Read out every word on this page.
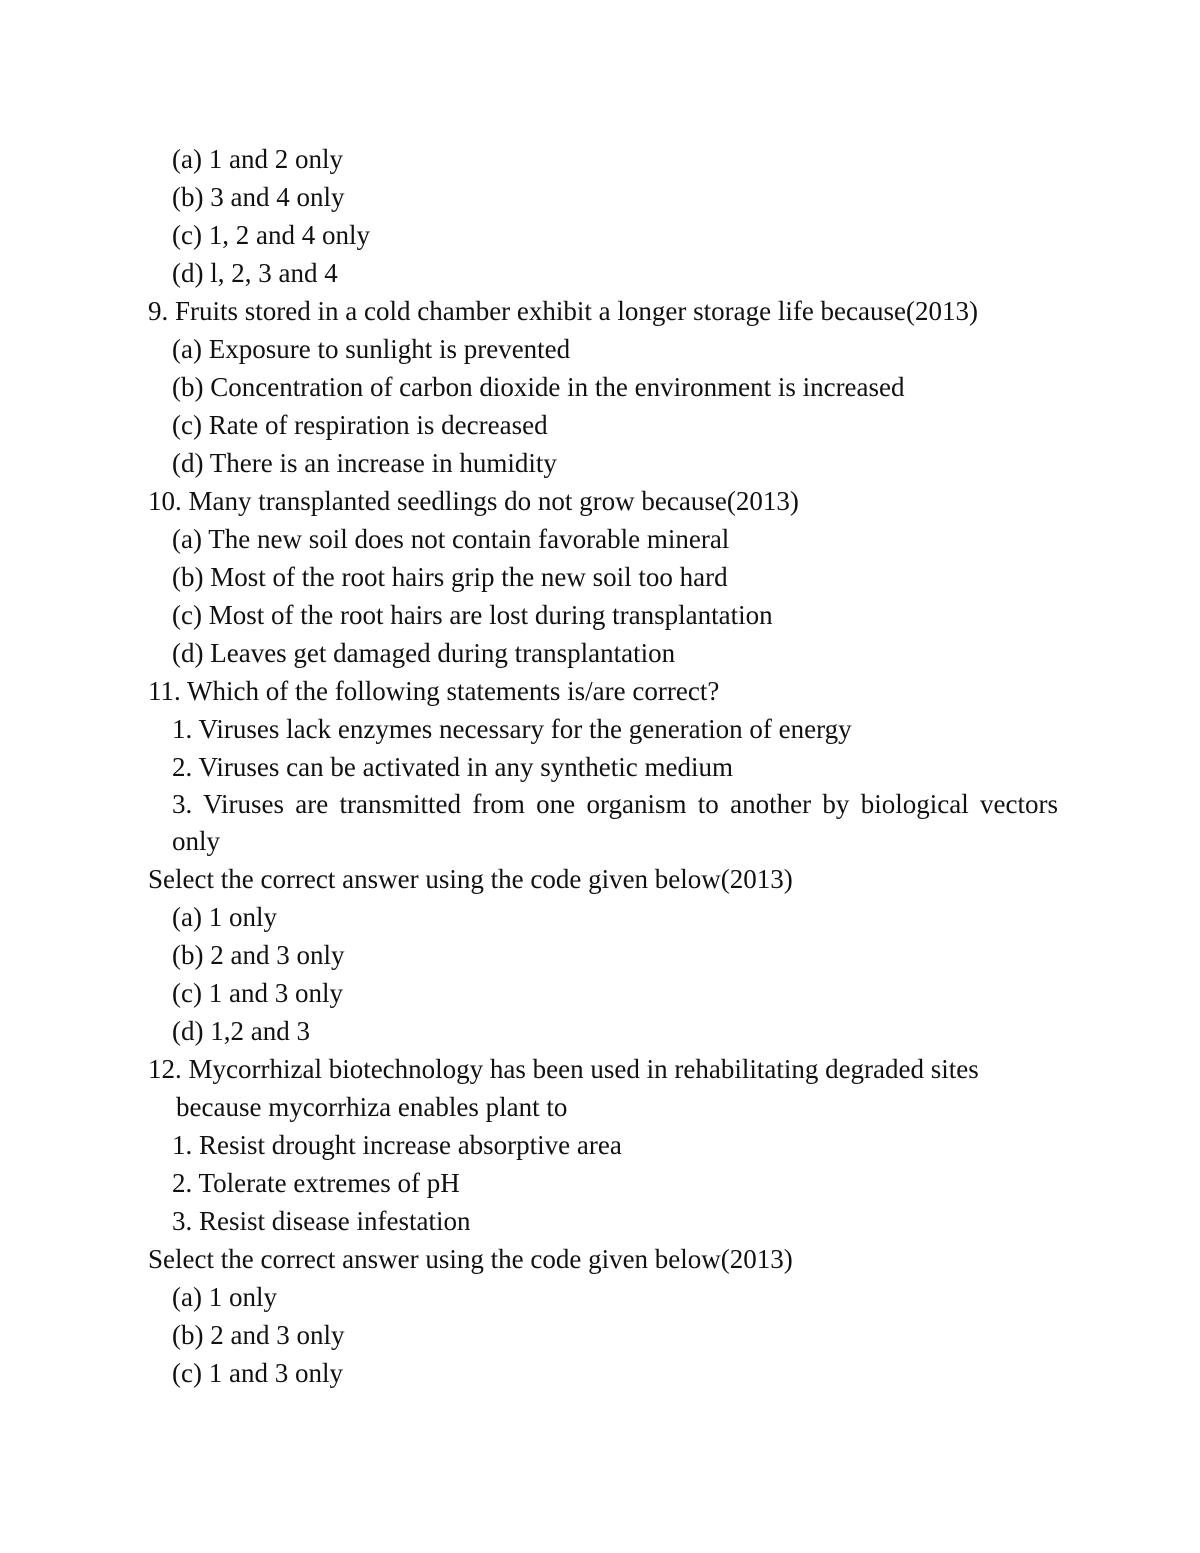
(a) 1 and 2 only
(b) 3 and 4 only
(c) 1, 2 and 4 only
(d) l, 2, 3 and 4
9. Fruits stored in a cold chamber exhibit a longer storage life because(2013)
(a) Exposure to sunlight is prevented
(b) Concentration of carbon dioxide in the environment is increased
(c) Rate of respiration is decreased
(d) There is an increase in humidity
10. Many transplanted seedlings do not grow because(2013)
(a) The new soil does not contain favorable mineral
(b) Most of the root hairs grip the new soil too hard
(c) Most of the root hairs are lost during transplantation
(d) Leaves get damaged during transplantation
11. Which of the following statements is/are correct?
1. Viruses lack enzymes necessary for the generation of energy
2. Viruses can be activated in any synthetic medium
3. Viruses are transmitted from one organism to another by biological vectors only
Select the correct answer using the code given below(2013)
(a) 1 only
(b) 2 and 3 only
(c) 1 and 3 only
(d) 1,2 and 3
12. Mycorrhizal biotechnology has been used in rehabilitating degraded sites
because mycorrhiza enables plant to
1. Resist drought increase absorptive area
2. Tolerate extremes of pH
3. Resist disease infestation
Select the correct answer using the code given below(2013)
(a) 1 only
(b) 2 and 3 only
(c) 1 and 3 only
